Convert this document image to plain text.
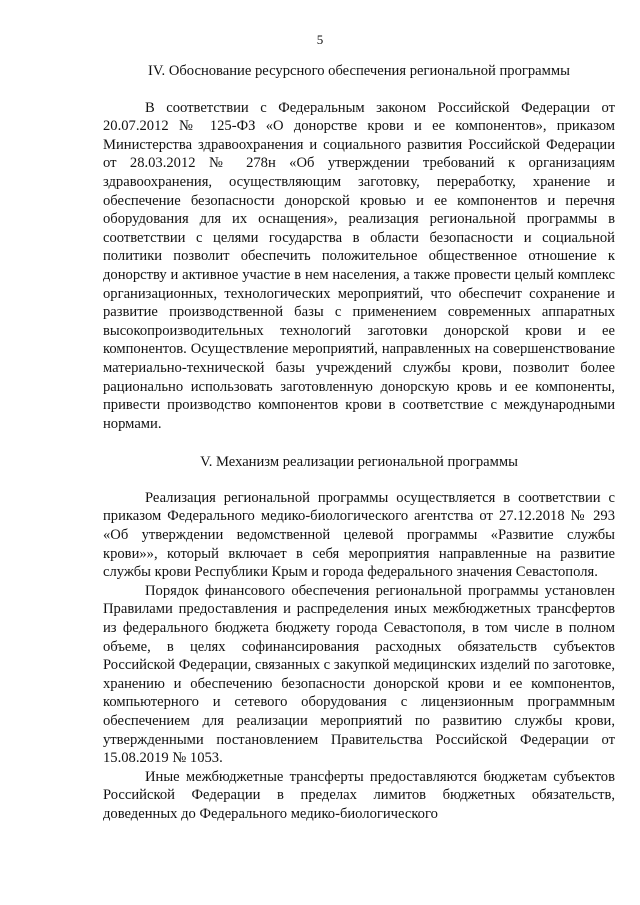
5
IV. Обоснование ресурсного обеспечения региональной программы

В соответствии с Федеральным законом Российской Федерации от 20.07.2012 № 125-ФЗ «О донорстве крови и ее компонентов», приказом Министерства здравоохранения и социального развития Российской Федерации от 28.03.2012 № 278н «Об утверждении требований к организациям здравоохранения, осуществляющим заготовку, переработку, хранение и обеспечение безопасности донорской кровью и ее компонентов и перечня оборудования для их оснащения», реализация региональной программы в соответствии с целями государства в области безопасности и социальной политики позволит обеспечить положительное общественное отношение к донорству и активное участие в нем населения, а также провести целый комплекс организационных, технологических мероприятий, что обеспечит сохранение и развитие производственной базы с применением современных аппаратных высокопроизводительных технологий заготовки донорской крови и ее компонентов. Осуществление мероприятий, направленных на совершенствование материально-технической базы учреждений службы крови, позволит более рационально использовать заготовленную донорскую кровь и ее компоненты, привести производство компонентов крови в соответствие с международными нормами.

V. Механизм реализации региональной программы

Реализация региональной программы осуществляется в соответствии с приказом Федерального медико-биологического агентства от 27.12.2018 № 293 «Об утверждении ведомственной целевой программы «Развитие службы крови»», который включает в себя мероприятия направленные на развитие службы крови Республики Крым и города федерального значения Севастополя.

Порядок финансового обеспечения региональной программы установлен Правилами предоставления и распределения иных межбюджетных трансфертов из федерального бюджета бюджету города Севастополя, в том числе в полном объеме, в целях софинансирования расходных обязательств субъектов Российской Федерации, связанных с закупкой медицинских изделий по заготовке, хранению и обеспечению безопасности донорской крови и ее компонентов, компьютерного и сетевого оборудования с лицензионным программным обеспечением для реализации мероприятий по развитию службы крови, утвержденными постановлением Правительства Российской Федерации от 15.08.2019 № 1053.

Иные межбюджетные трансферты предоставляются бюджетам субъектов Российской Федерации в пределах лимитов бюджетных обязательств, доведенных до Федерального медико-биологического
